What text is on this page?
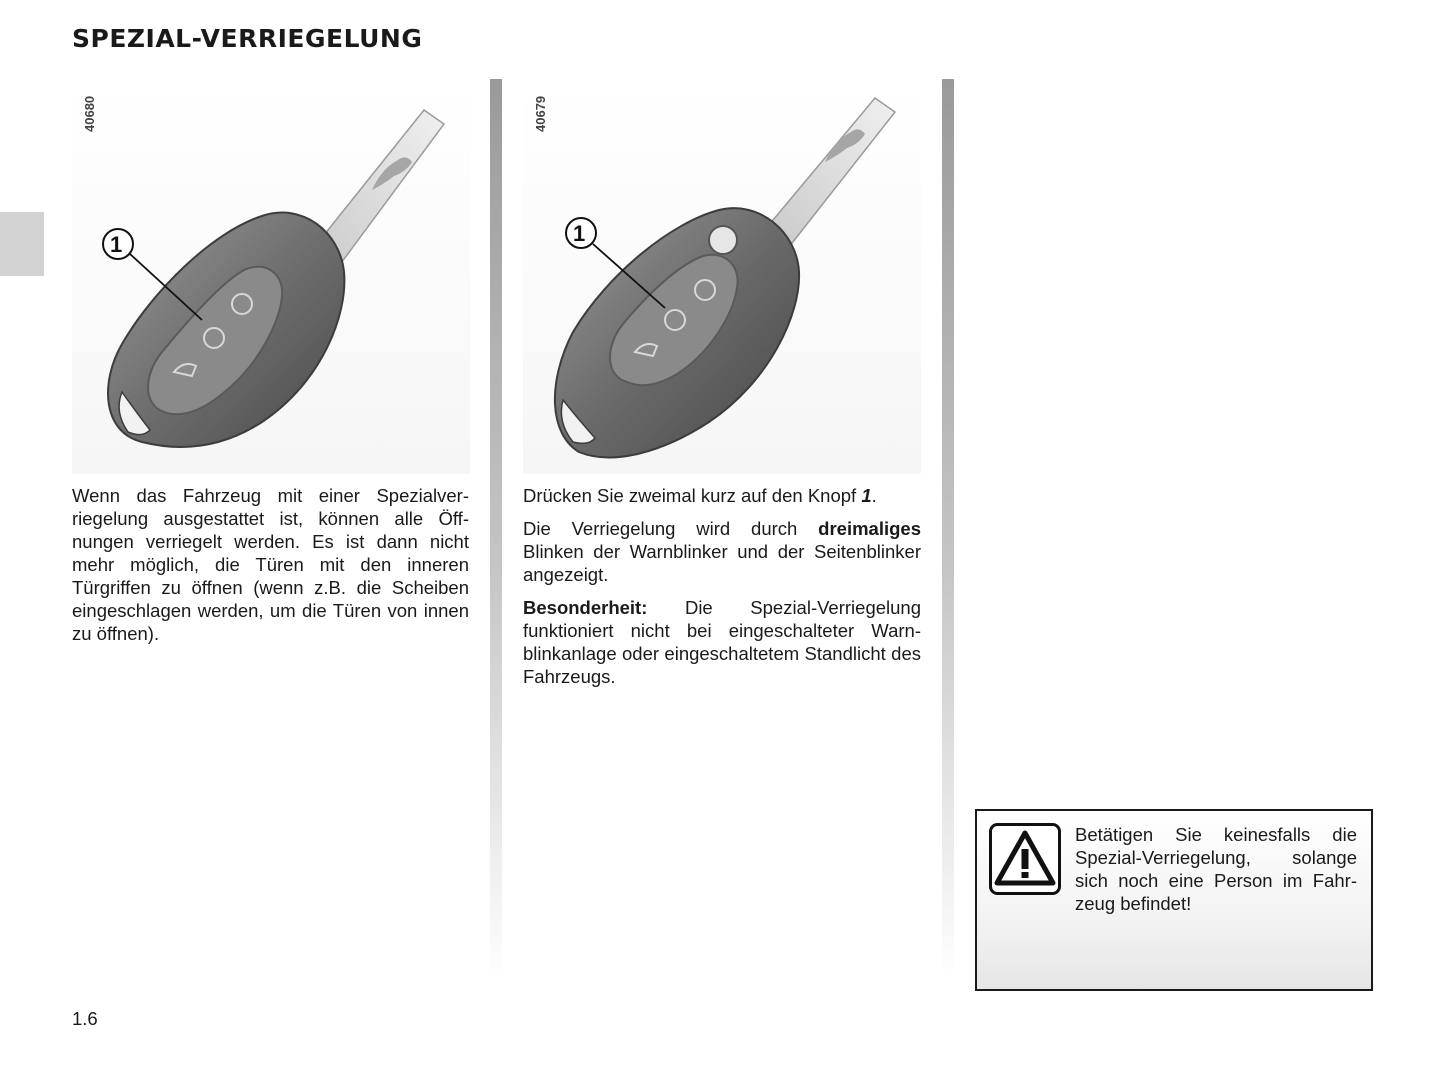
SPEZIAL-VERRIEGELUNG
40680
1
40679
1

Wenn das Fahrzeug mit einer Spezialverriegelung ausgestattet ist, können alle Öffnungen verriegelt werden. Es ist dann nicht mehr möglich, die Türen mit den inneren Türgriffen zu öffnen (wenn z.B. die Scheiben eingeschlagen werden, um die Türen von innen zu öffnen).

Drücken Sie zweimal kurz auf den Knopf 1.

Die Verriegelung wird durch dreimaliges Blinken der Warnblinker und der Seitenblinker angezeigt.

Besonderheit: Die Spezial-Verriegelung funktioniert nicht bei eingeschalteter Warnblinkanlage oder eingeschaltetem Standlicht des Fahrzeugs.

Betätigen Sie keinesfalls die Spezial-Verriegelung, solange sich noch eine Person im Fahrzeug befindet!

1.6
